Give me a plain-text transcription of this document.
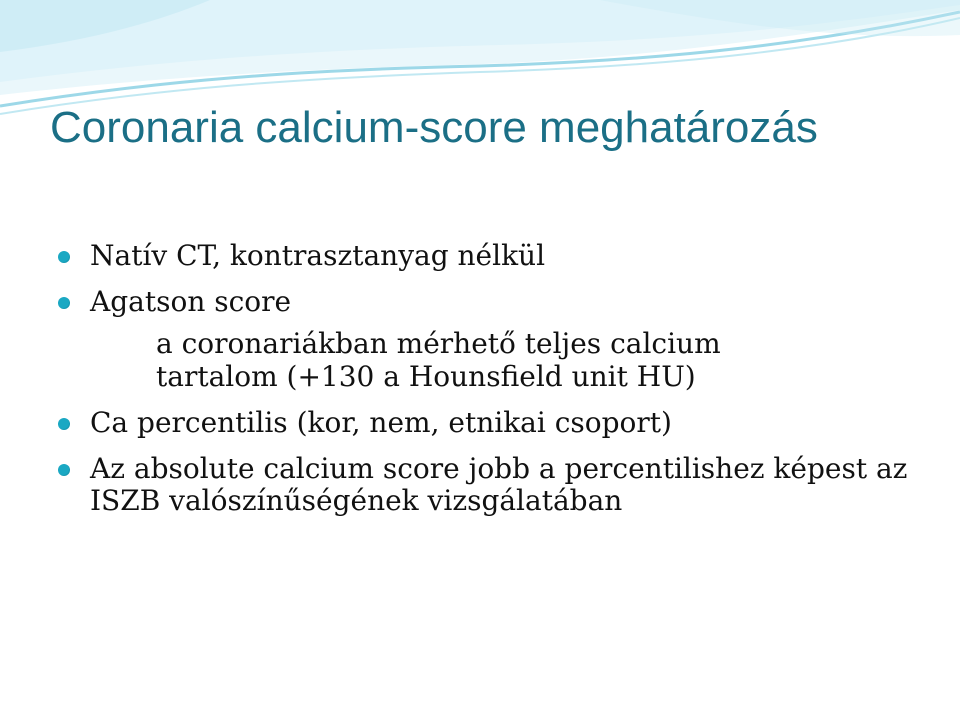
Coronaria calcium-score meghatározás
Natív CT, kontrasztanyag nélkül
Agatson score
a coronariákban mérhető teljes calcium tartalom (+130 a Hounsfield unit HU)
Ca percentilis (kor, nem, etnikai csoport)
Az absolute calcium score jobb a percentilishez képest az ISZB valószínűségének vizsgálatában
